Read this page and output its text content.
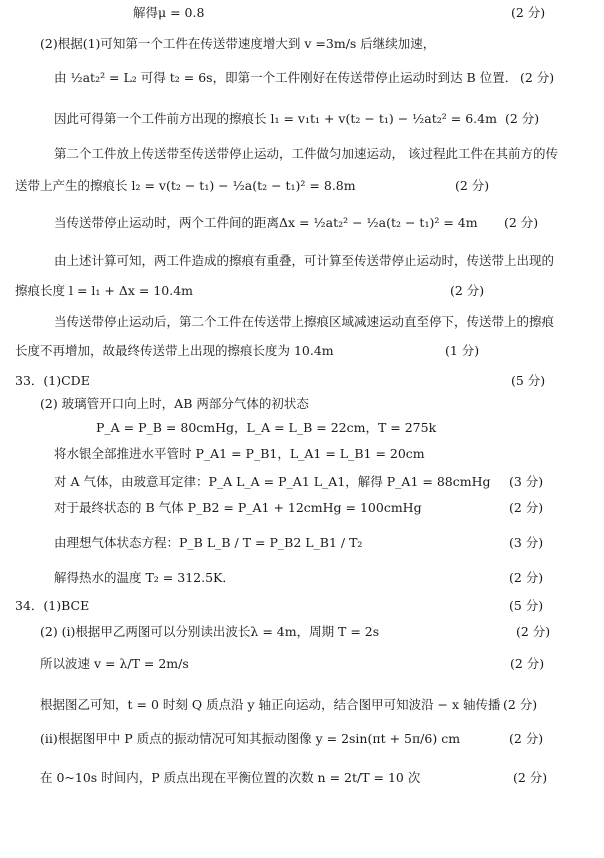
解得μ = 0.8	(2 分)
(2)根据(1)可知第一个工件在传送带速度增大到 v =3m/s 后继续加速，
由 ½at₂² = L₂ 可得 t₂ = 6s，即第一个工件刚好在传送带停止运动时到达 B 位置． (2 分)
因此可得第一个工件前方出现的擦痕长 l₁ = v₁t₁ + v(t₂ − t₁) − ½at₂² = 6.4m (2 分)
第二个工件放上传送带至传送带停止运动，工件做匀加速运动， 该过程此工件在其前方的传
送带上产生的擦痕长 l₂ = v(t₂ − t₁) − ½a(t₂ − t₁)² = 8.8m	(2 分)
当传送带停止运动时，两个工件间的距离Δx = ½at₂² − ½a(t₂ − t₁)² = 4m (2 分)
由上述计算可知，两工件造成的擦痕有重叠，可计算至传送带停止运动时，传送带上出现的
擦痕长度 l = l₁ + Δx = 10.4m	(2 分)
当传送带停止运动后，第二个工件在传送带上擦痕区域减速运动直至停下，传送带上的擦痕
长度不再增加，故最终传送带上出现的擦痕长度为 10.4m	(1 分)
33．(1)CDE	(5 分)
(2) 玻璃管开口向上时，AB 两部分气体的初状态
P_A = P_B = 80cmHg，L_A = L_B = 22cm，T = 275k
将水银全部推进水平管时 P_A1 = P_B1，L_A1 = L_B1 = 20cm
对 A 气体，由玻意耳定律：P_A L_A = P_A1 L_A1，解得 P_A1 = 88cmHg (3 分)
对于最终状态的 B 气体 P_B2 = P_A1 + 12cmHg = 100cmHg	(2 分)
由理想气体状态方程：P_B L_B / T = P_B2 L_B1 / T₂	(3 分)
解得热水的温度 T₂ = 312.5K．	(2 分)
34．(1)BCE	(5 分)
(2) (i)根据甲乙两图可以分别读出波长λ = 4m，周期 T = 2s	(2 分)
所以波速 v = λ/T = 2m/s	(2 分)
根据图乙可知，t = 0 时刻 Q 质点沿 y 轴正向运动，结合图甲可知波沿 − x 轴传播 (2 分)
(ii)根据图甲中 P 质点的振动情况可知其振动图像 y = 2sin(πt + 5π/6) cm	(2 分)
在 0~10s 时间内，P 质点出现在平衡位置的次数 n = 2t/T = 10 次	(2 分)
